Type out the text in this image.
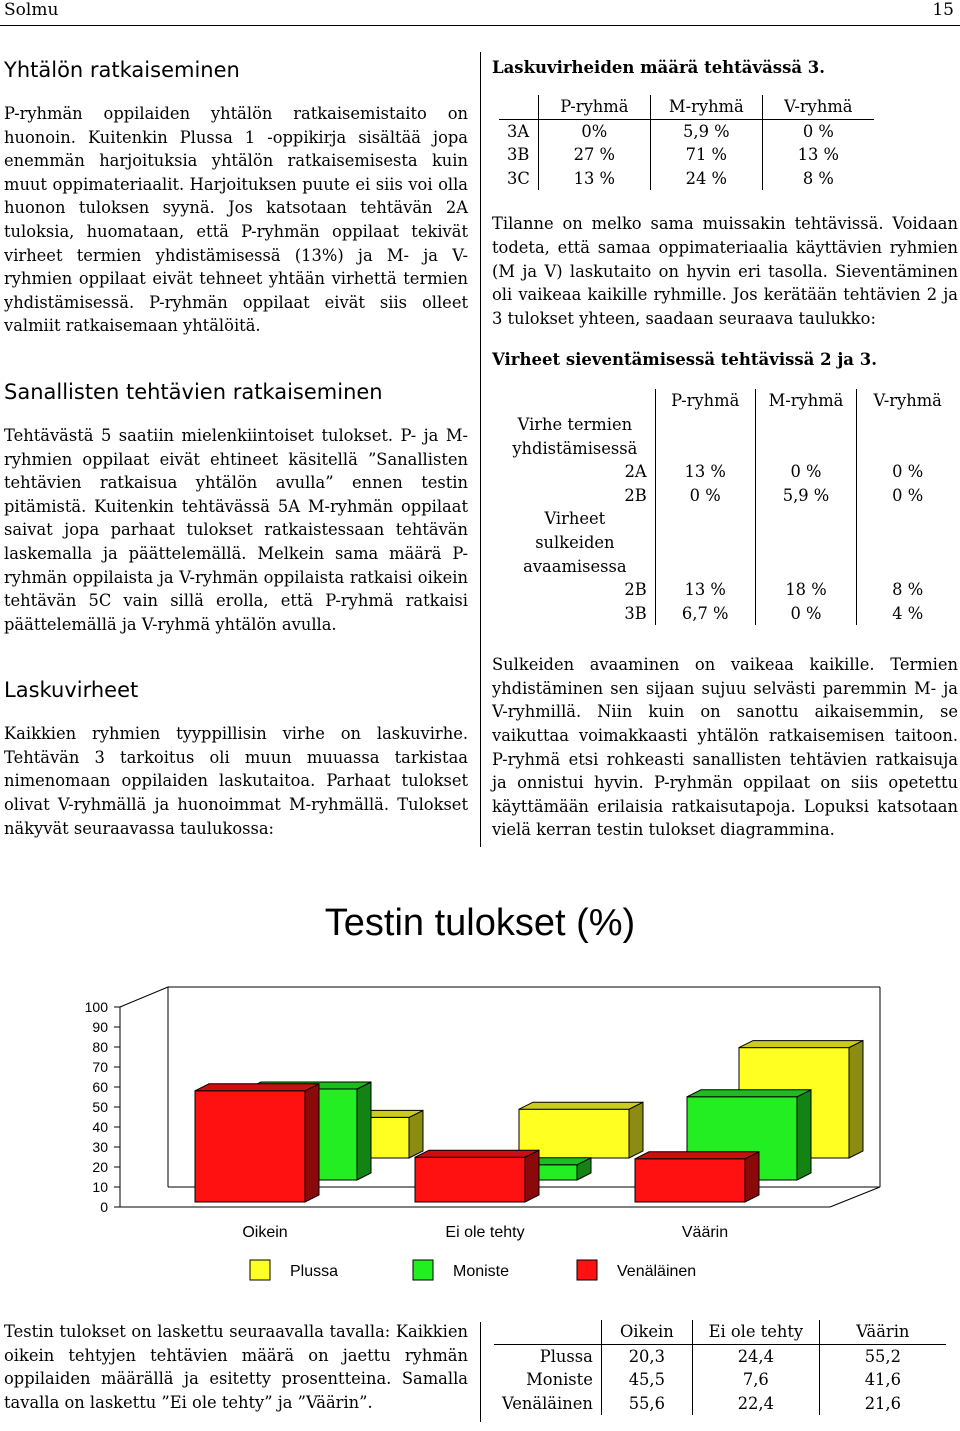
Solmu	15
Yhtälön ratkaiseminen

P-ryhmän oppilaiden yhtälön ratkaisemistaito on huonoin. Kuitenkin Plussa 1 -oppikirja sisältää jopa enemmän harjoituksia yhtälön ratkaisemisesta kuin muut oppimateriaalit. Harjoituksen puute ei siis voi olla huonon tuloksen syynä. Jos katsotaan tehtävän 2A tuloksia, huomataan, että P-ryhmän oppilaat tekivät virheet termien yhdistämisessä (13%) ja M- ja V-ryhmien oppilaat eivät tehneet yhtään virhettä termien yhdistämisessä. P-ryhmän oppilaat eivät siis olleet valmiit ratkaisemaan yhtälöitä.

Sanallisten tehtävien ratkaiseminen

Tehtävästä 5 saatiin mielenkiintoiset tulokset. P- ja M-ryhmien oppilaat eivät ehtineet käsitellä ”Sanallisten tehtävien ratkaisua yhtälön avulla” ennen testin pitämistä. Kuitenkin tehtävässä 5A M-ryhmän oppilaat saivat jopa parhaat tulokset ratkaistessaan tehtävän laskemalla ja päättelemällä. Melkein sama määrä P-ryhmän oppilaista ja V-ryhmän oppilaista ratkaisi oikein tehtävän 5C vain sillä erolla, että P-ryhmä ratkaisi päättelemällä ja V-ryhmä yhtälön avulla.

Laskuvirheet

Kaikkien ryhmien tyyppillisin virhe on laskuvirhe. Tehtävän 3 tarkoitus oli muun muuassa tarkistaa nimenomaan oppilaiden laskutaitoa. Parhaat tulokset olivat V-ryhmällä ja huonoimmat M-ryhmällä. Tulokset näkyvät seuraavassa taulukossa:

Laskuvirheiden määrä tehtävässä 3.
	P-ryhmä	M-ryhmä	V-ryhmä
3A	0%	5,9 %	0 %
3B	27 %	71 %	13 %
3C	13 %	24 %	8 %

Tilanne on melko sama muissakin tehtävissä. Voidaan todeta, että samaa oppimateriaalia käyttävien ryhmien (M ja V) laskutaito on hyvin eri tasolla. Sieventäminen oli vaikeaa kaikille ryhmille. Jos kerätään tehtävien 2 ja 3 tulokset yhteen, saadaan seuraava taulukko:

Virheet sieventämisessä tehtävissä 2 ja 3.
	P-ryhmä	M-ryhmä	V-ryhmä
Virhe termien yhdistämisessä			
2A	13 %	0 %	0 %
2B	0 %	5,9 %	0 %
Virheet sulkeiden avaamisessa			
2B	13 %	18 %	8 %
3B	6,7 %	0 %	4 %

Sulkeiden avaaminen on vaikeaa kaikille. Termien yhdistäminen sen sijaan sujuu selvästi paremmin M- ja V-ryhmillä. Niin kuin on sanottu aikaisemmin, se vaikuttaa voimakkaasti yhtälön ratkaisemisen taitoon. P-ryhmä etsi rohkeasti sanallisten tehtävien ratkaisuja ja onnistui hyvin. P-ryhmän oppilaat on siis opetettu käyttämään erilaisia ratkaisutapoja. Lopuksi katsotaan vielä kerran testin tulokset diagrammina.

Testin tulokset (%)
0
10
20
30
40
50
60
70
80
90
100
Oikein	Ei ole tehty	Väärin
Plussa	Moniste	Venäläinen

Testin tulokset on laskettu seuraavalla tavalla: Kaikkien oikein tehtyjen tehtävien määrä on jaettu ryhmän oppilaiden määrällä ja esitetty prosentteina. Samalla tavalla on laskettu ”Ei ole tehty” ja ”Väärin”.

	Oikein	Ei ole tehty	Väärin
Plussa	20,3	24,4	55,2
Moniste	45,5	7,6	41,6
Venäläinen	55,6	22,4	21,6
